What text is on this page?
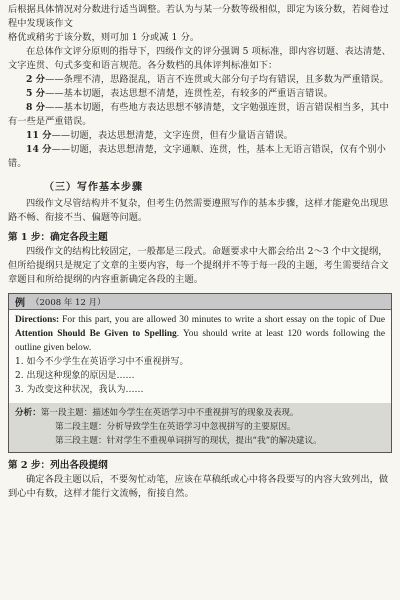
后根据具体情况对分数进行适当调整。若认为与某一分数等级相似，即定为该分数，若阅卷过程中发现该作文

格优或稍劣于该分数，则可加 1 分或减 1 分。

在总体作文评分原则的指导下，四级作文的评分强调 5 项标准，即内容切题、表达清楚、文字连贯、句式多变和语言规范。各分数档的具体评判标准如下：

2 分——条理不清，思路混乱，语言不连贯或大部分句子均有错误，且多数为严重错误。

5 分——基本切题，表达思想不清楚，连贯性差，有较多的严重语言错误。

8 分——基本切题，有些地方表达思想不够清楚，文字勉强连贯，语言错误相当多，其中有一些是严重错误。

11 分——切题，表达思想清楚，文字连贯，但有少量语言错误。

14 分——切题，表达思想清楚，文字通顺、连贯，性，基本上无语言错误，仅有个别小错。

（三）写作基本步骤

四级作文尽管结构并不复杂，但考生仍然需要遵照写作的基本步骤，这样才能避免出现思路不畅、衔接不当、偏题等问题。

第 1 步：确定各段主题

四级作文的结构比较固定，一般都是三段式。命题要求中大都会给出 2～3 个中文提纲，但所给提纲只是规定了文章的主要内容，每一个提纲并不等于每一段的主题，考生需要结合文章题目和所给提纲的内容重新确定各段的主题。

例 （2008 年 12 月）

Directions: For this part, you are allowed 30 minutes to write a short essay on the topic of Due Attention Should Be Given to Spelling. You should write at least 120 words following the outline given below.

1. 如今不少学生在英语学习中不重视拼写。

2. 出现这种现象的原因是……

3. 为改变这种状况，我认为……

分析：第一段主题：描述如今学生在英语学习中不重视拼写的现象及表现。
第二段主题：分析导致学生在英语学习中忽视拼写的主要原因。
第三段主题：针对学生不重视单词拼写的现状，提出“我”的解决建议。

第 2 步：列出各段提纲

确定各段主题以后，不要匆忙动笔，应该在草稿纸或心中将各段要写的内容大致列出，做到心中有数，这样才能行文流畅，衔接自然。
